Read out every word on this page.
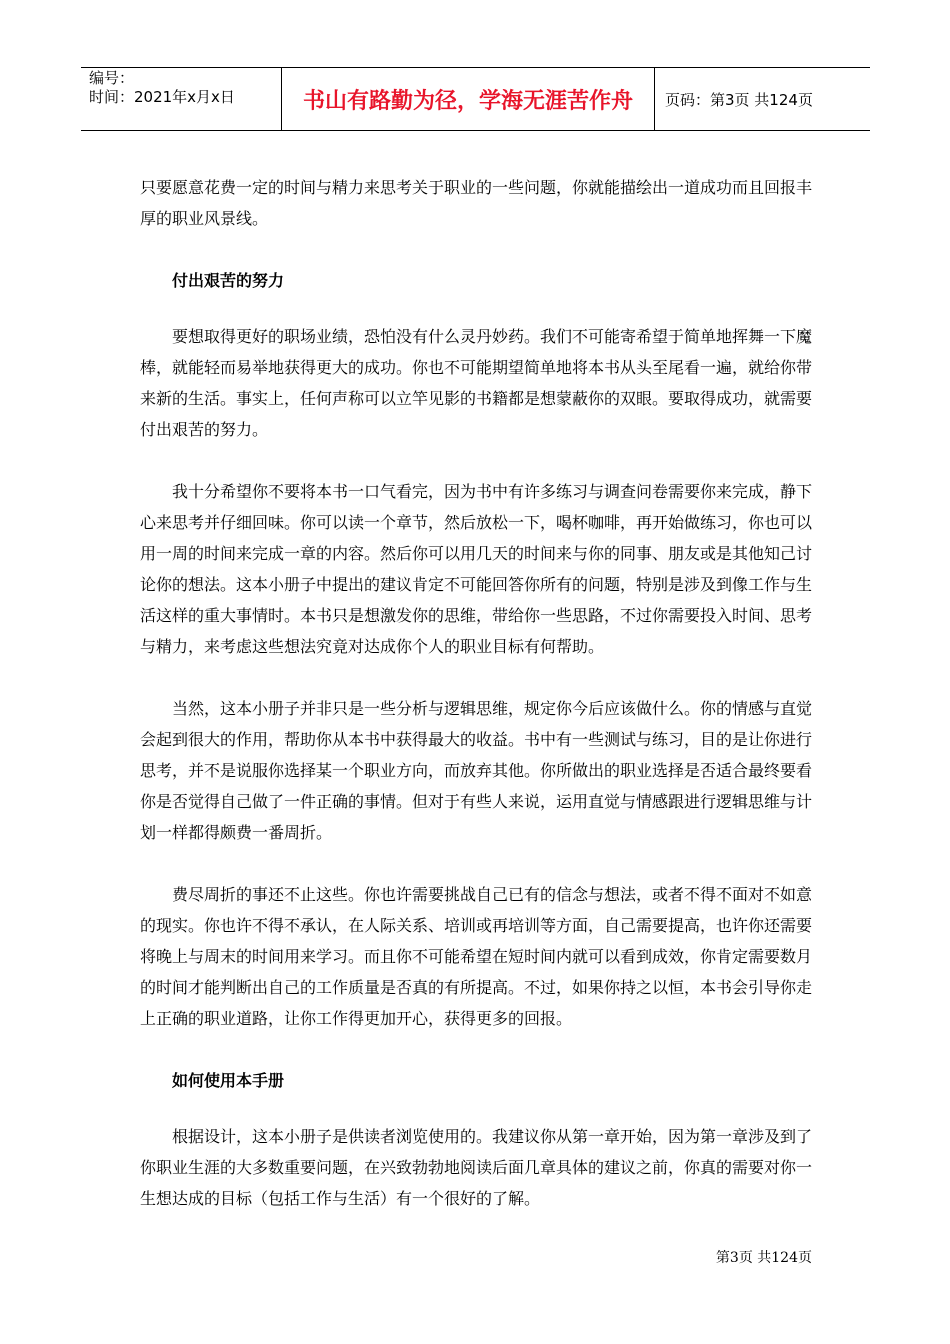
编号：
时间：2021年x月x日	书山有路勤为径，学海无涯苦作舟	页码：第3页 共124页

只要愿意花费一定的时间与精力来思考关于职业的一些问题，你就能描绘出一道成功而且回报丰厚的职业风景线。

付出艰苦的努力

要想取得更好的职场业绩，恐怕没有什么灵丹妙药。我们不可能寄希望于简单地挥舞一下魔棒，就能轻而易举地获得更大的成功。你也不可能期望简单地将本书从头至尾看一遍，就给你带来新的生活。事实上，任何声称可以立竿见影的书籍都是想蒙蔽你的双眼。要取得成功，就需要付出艰苦的努力。

我十分希望你不要将本书一口气看完，因为书中有许多练习与调查问卷需要你来完成，静下心来思考并仔细回味。你可以读一个章节，然后放松一下，喝杯咖啡，再开始做练习，你也可以用一周的时间来完成一章的内容。然后你可以用几天的时间来与你的同事、朋友或是其他知己讨论你的想法。这本小册子中提出的建议肯定不可能回答你所有的问题，特别是涉及到像工作与生活这样的重大事情时。本书只是想激发你的思维，带给你一些思路，不过你需要投入时间、思考与精力，来考虑这些想法究竟对达成你个人的职业目标有何帮助。

当然，这本小册子并非只是一些分析与逻辑思维，规定你今后应该做什么。你的情感与直觉会起到很大的作用，帮助你从本书中获得最大的收益。书中有一些测试与练习，目的是让你进行思考，并不是说服你选择某一个职业方向，而放弃其他。你所做出的职业选择是否适合最终要看你是否觉得自己做了一件正确的事情。但对于有些人来说，运用直觉与情感跟进行逻辑思维与计划一样都得颇费一番周折。

费尽周折的事还不止这些。你也许需要挑战自己已有的信念与想法，或者不得不面对不如意的现实。你也许不得不承认，在人际关系、培训或再培训等方面，自己需要提高，也许你还需要将晚上与周末的时间用来学习。而且你不可能希望在短时间内就可以看到成效，你肯定需要数月的时间才能判断出自己的工作质量是否真的有所提高。不过，如果你持之以恒，本书会引导你走上正确的职业道路，让你工作得更加开心，获得更多的回报。

如何使用本手册

根据设计，这本小册子是供读者浏览使用的。我建议你从第一章开始，因为第一章涉及到了你职业生涯的大多数重要问题，在兴致勃勃地阅读后面几章具体的建议之前，你真的需要对你一生想达成的目标（包括工作与生活）有一个很好的了解。

第3页 共124页
